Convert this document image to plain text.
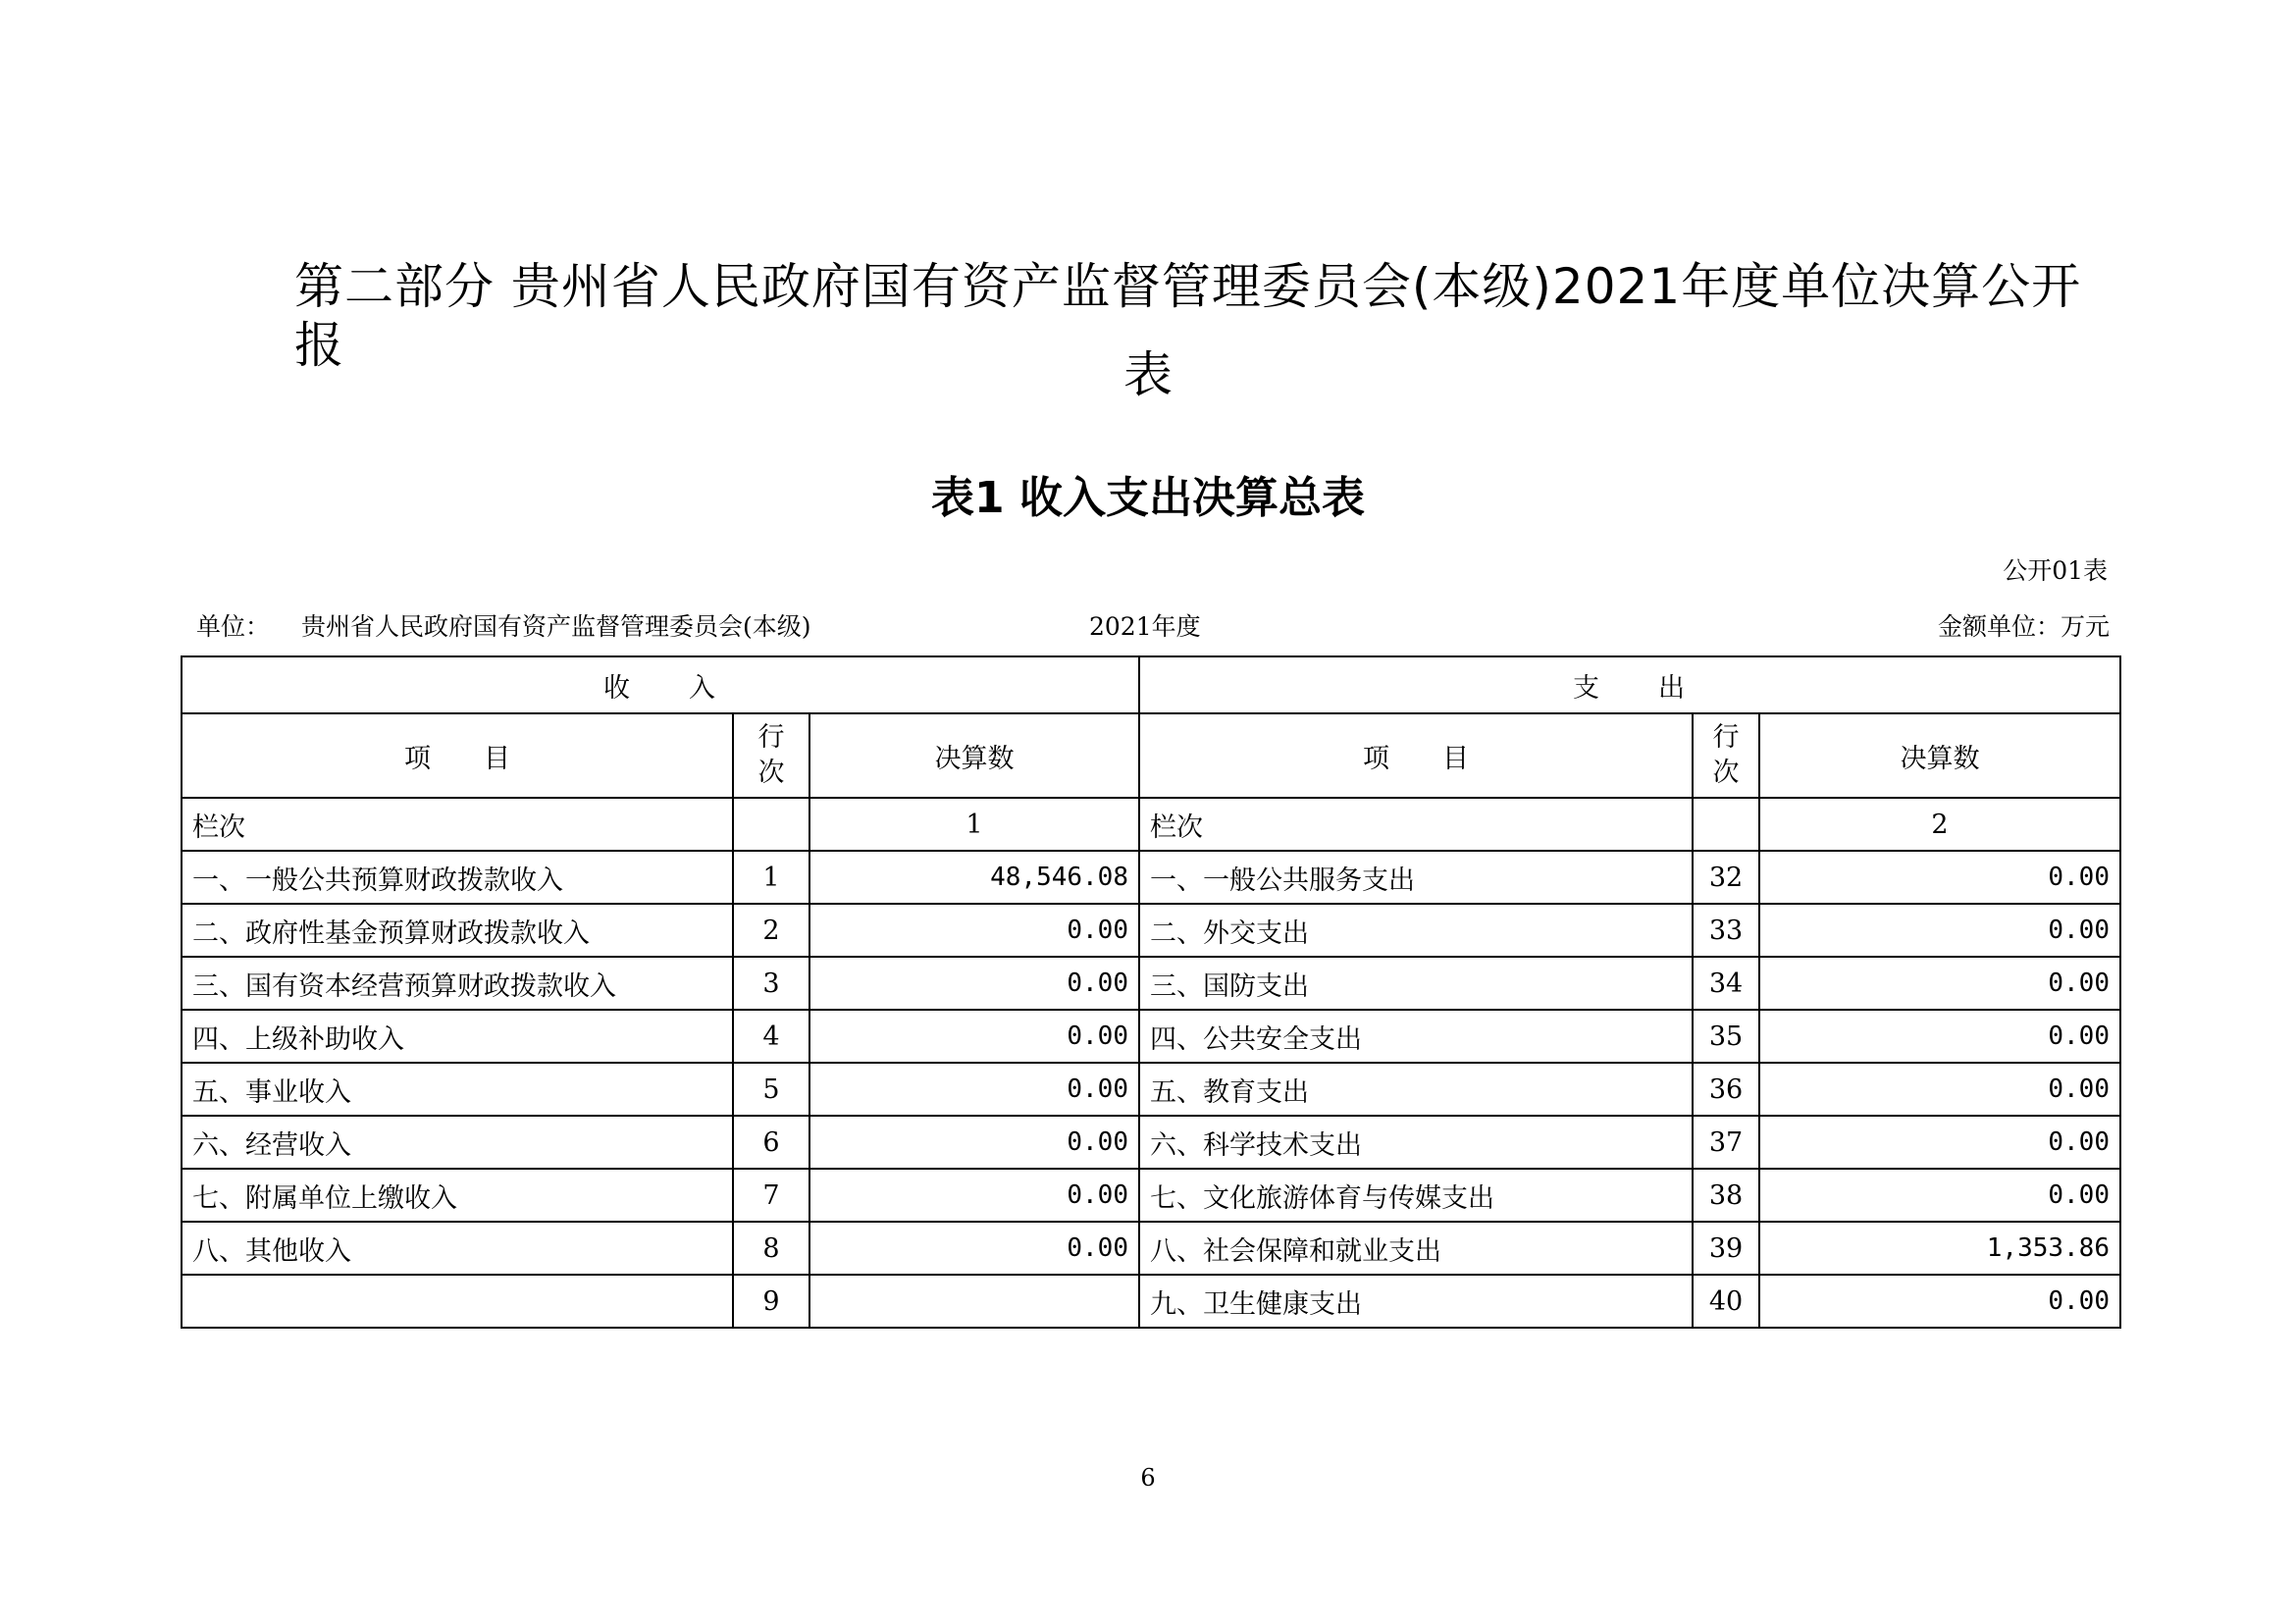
第二部分 贵州省人民政府国有资产监督管理委员会(本级)2021年度单位决算公开报
表
表1 收入支出决算总表
公开01表
单位： 贵州省人民政府国有资产监督管理委员会(本级)	2021年度	金额单位：万元
收　　入			支　　出		
项　　目	行次	决算数	项　　目	行次	决算数
栏次		1	栏次		2
一、一般公共预算财政拨款收入	1	48,546.08	一、一般公共服务支出	32	0.00
二、政府性基金预算财政拨款收入	2	0.00	二、外交支出	33	0.00
三、国有资本经营预算财政拨款收入	3	0.00	三、国防支出	34	0.00
四、上级补助收入	4	0.00	四、公共安全支出	35	0.00
五、事业收入	5	0.00	五、教育支出	36	0.00
六、经营收入	6	0.00	六、科学技术支出	37	0.00
七、附属单位上缴收入	7	0.00	七、文化旅游体育与传媒支出	38	0.00
八、其他收入	8	0.00	八、社会保障和就业支出	39	1,353.86
	9		九、卫生健康支出	40	0.00
6
